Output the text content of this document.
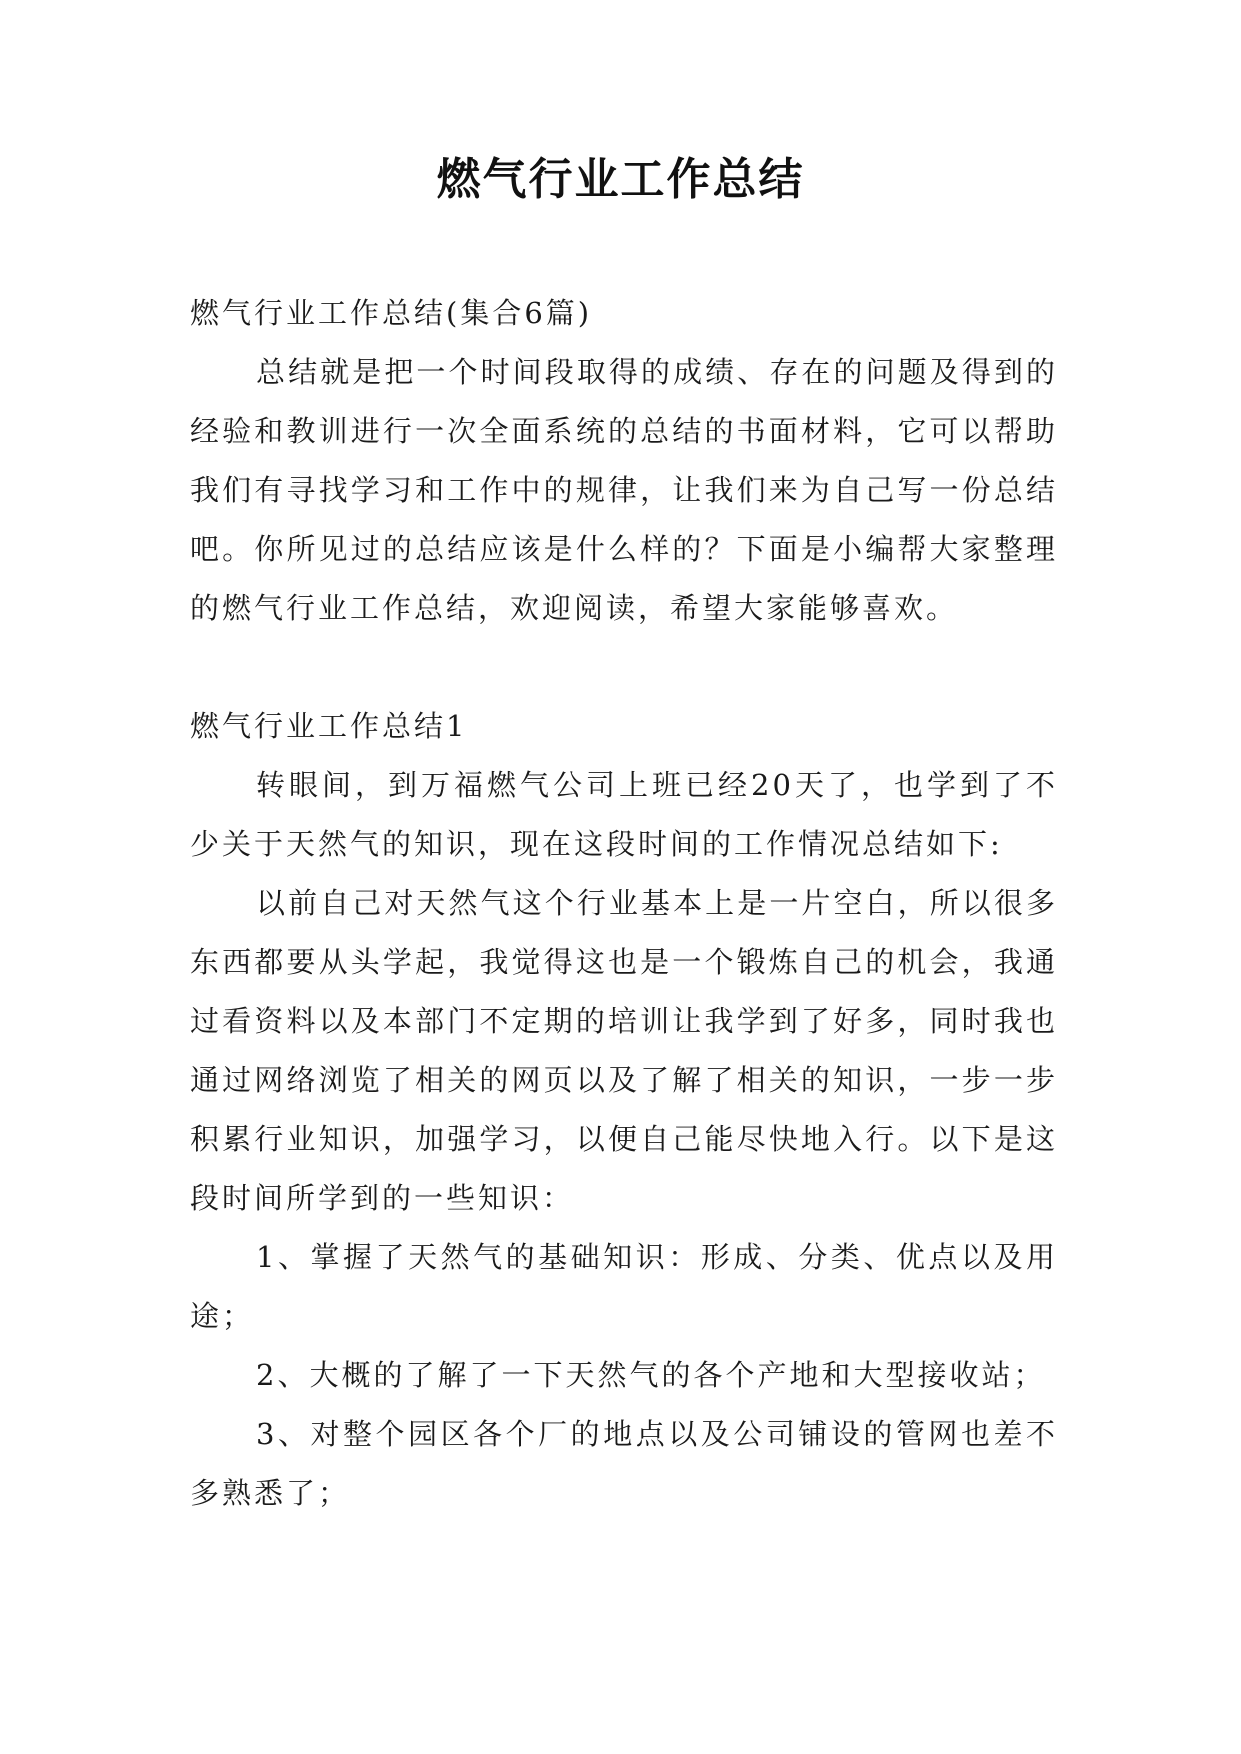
燃气行业工作总结

燃气行业工作总结(集合6篇)

总结就是把一个时间段取得的成绩、存在的问题及得到的经验和教训进行一次全面系统的总结的书面材料，它可以帮助我们有寻找学习和工作中的规律，让我们来为自己写一份总结吧。你所见过的总结应该是什么样的？下面是小编帮大家整理的燃气行业工作总结，欢迎阅读，希望大家能够喜欢。

燃气行业工作总结1

转眼间，到万福燃气公司上班已经20天了，也学到了不少关于天然气的知识，现在这段时间的工作情况总结如下:

以前自己对天然气这个行业基本上是一片空白，所以很多东西都要从头学起，我觉得这也是一个锻炼自己的机会，我通过看资料以及本部门不定期的培训让我学到了好多，同时我也通过网络浏览了相关的网页以及了解了相关的知识，一步一步积累行业知识，加强学习，以便自己能尽快地入行。以下是这段时间所学到的一些知识：

1、掌握了天然气的基础知识：形成、分类、优点以及用途；

2、大概的了解了一下天然气的各个产地和大型接收站；

3、对整个园区各个厂的地点以及公司铺设的管网也差不多熟悉了；
